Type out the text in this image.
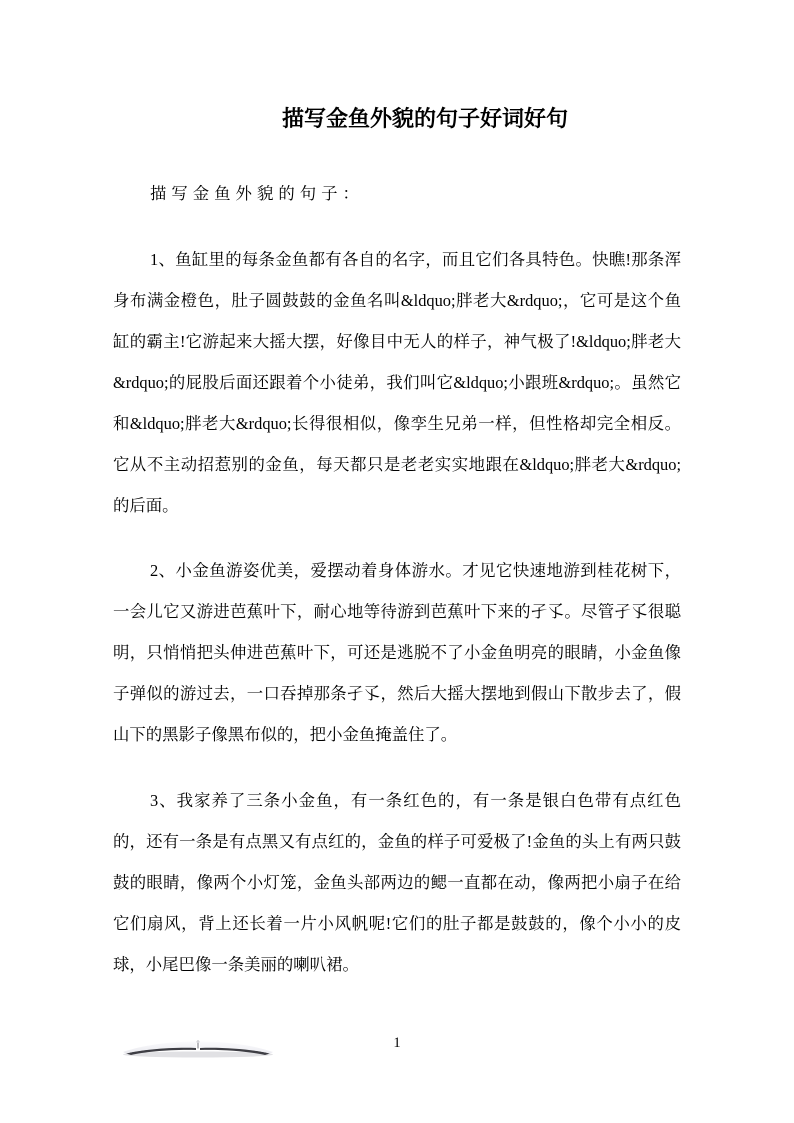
描写金鱼外貌的句子好词好句

描写金鱼外貌的句子：

1、鱼缸里的每条金鱼都有各自的名字，而且它们各具特色。快瞧!那条浑身布满金橙色，肚子圆鼓鼓的金鱼名叫&ldquo;胖老大&rdquo;，它可是这个鱼缸的霸主!它游起来大摇大摆，好像目中无人的样子，神气极了!&ldquo;胖老大&rdquo;的屁股后面还跟着个小徒弟，我们叫它&ldquo;小跟班&rdquo;。虽然它和&ldquo;胖老大&rdquo;长得很相似，像孪生兄弟一样，但性格却完全相反。它从不主动招惹别的金鱼，每天都只是老老实实地跟在&ldquo;胖老大&rdquo;的后面。

2、小金鱼游姿优美，爱摆动着身体游水。才见它快速地游到桂花树下，一会儿它又游进芭蕉叶下，耐心地等待游到芭蕉叶下来的孑孓。尽管孑孓很聪明，只悄悄把头伸进芭蕉叶下，可还是逃脱不了小金鱼明亮的眼睛，小金鱼像子弹似的游过去，一口吞掉那条孑孓，然后大摇大摆地到假山下散步去了，假山下的黑影子像黑布似的，把小金鱼掩盖住了。

3、我家养了三条小金鱼，有一条红色的，有一条是银白色带有点红色的，还有一条是有点黑又有点红的，金鱼的样子可爱极了!金鱼的头上有两只鼓鼓的眼睛，像两个小灯笼，金鱼头部两边的鳃一直都在动，像两把小扇子在给它们扇风，背上还长着一片小风帆呢!它们的肚子都是鼓鼓的，像个小小的皮球，小尾巴像一条美丽的喇叭裙。

1
